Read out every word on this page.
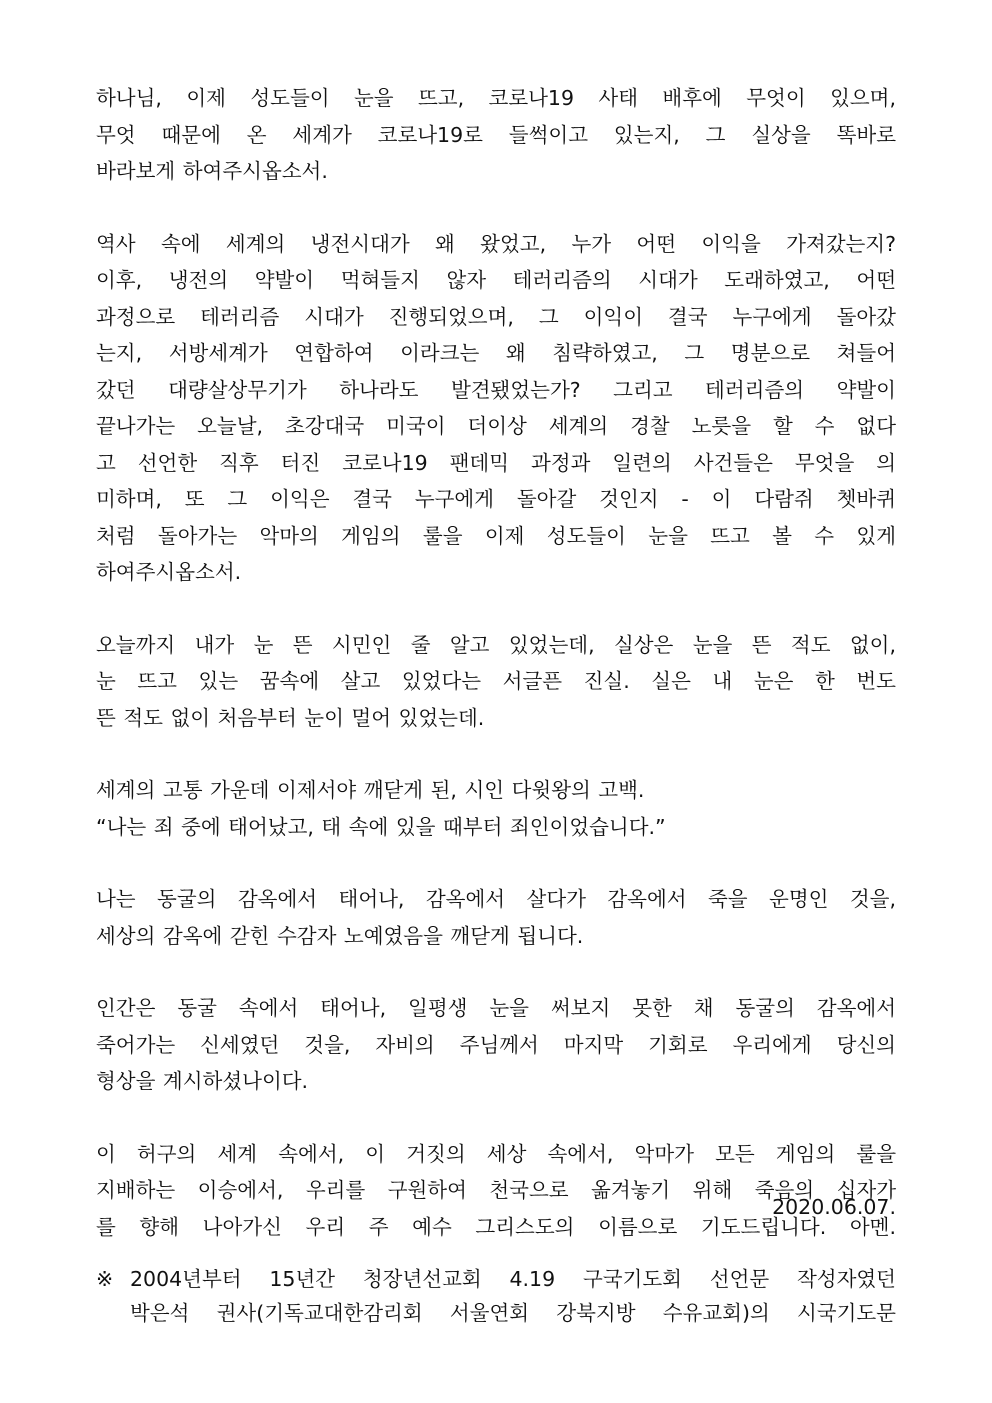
하나님, 이제 성도들이 눈을 뜨고, 코로나19 사태 배후에 무엇이 있으며,
무엇 때문에 온 세계가 코로나19로 들썩이고 있는지, 그 실상을 똑바로
바라보게 하여주시옵소서.

역사 속에 세계의 냉전시대가 왜 왔었고, 누가 어떤 이익을 가져갔는지?
이후, 냉전의 약발이 먹혀들지 않자 테러리즘의 시대가 도래하였고, 어떤
과정으로 테러리즘 시대가 진행되었으며, 그 이익이 결국 누구에게 돌아갔
는지, 서방세계가 연합하여 이라크는 왜 침략하였고, 그 명분으로 쳐들어
갔던 대량살상무기가 하나라도 발견됐었는가? 그리고 테러리즘의 약발이
끝나가는 오늘날, 초강대국 미국이 더이상 세계의 경찰 노릇을 할 수 없다
고 선언한 직후 터진 코로나19 팬데믹 과정과 일련의 사건들은 무엇을 의
미하며, 또 그 이익은 결국 누구에게 돌아갈 것인지 - 이 다람쥐 쳇바퀴
처럼 돌아가는 악마의 게임의 룰을 이제 성도들이 눈을 뜨고 볼 수 있게
하여주시옵소서.

오늘까지 내가 눈 뜬 시민인 줄 알고 있었는데, 실상은 눈을 뜬 적도 없이,
눈 뜨고 있는 꿈속에 살고 있었다는 서글픈 진실. 실은 내 눈은 한 번도
뜬 적도 없이 처음부터 눈이 멀어 있었는데.

세계의 고통 가운데 이제서야 깨닫게 된, 시인 다윗왕의 고백.
“나는 죄 중에 태어났고, 태 속에 있을 때부터 죄인이었습니다.”

나는 동굴의 감옥에서 태어나, 감옥에서 살다가 감옥에서 죽을 운명인 것을,
세상의 감옥에 갇힌 수감자 노예였음을 깨닫게 됩니다.

인간은 동굴 속에서 태어나, 일평생 눈을 써보지 못한 채 동굴의 감옥에서
죽어가는 신세였던 것을, 자비의 주님께서 마지막 기회로 우리에게 당신의
형상을 계시하셨나이다.

이 허구의 세계 속에서, 이 거짓의 세상 속에서, 악마가 모든 게임의 룰을
지배하는 이승에서, 우리를 구원하여 천국으로 옮겨놓기 위해 죽음의 십자가
를 향해 나아가신 우리 주 예수 그리스도의 이름으로 기도드립니다. 아멘.

2020.06.07.
※ 2004년부터 15년간 청장년선교회 4.19 구국기도회 선언문 작성자였던
박은석 권사(기독교대한감리회 서울연회 강북지방 수유교회)의 시국기도문
